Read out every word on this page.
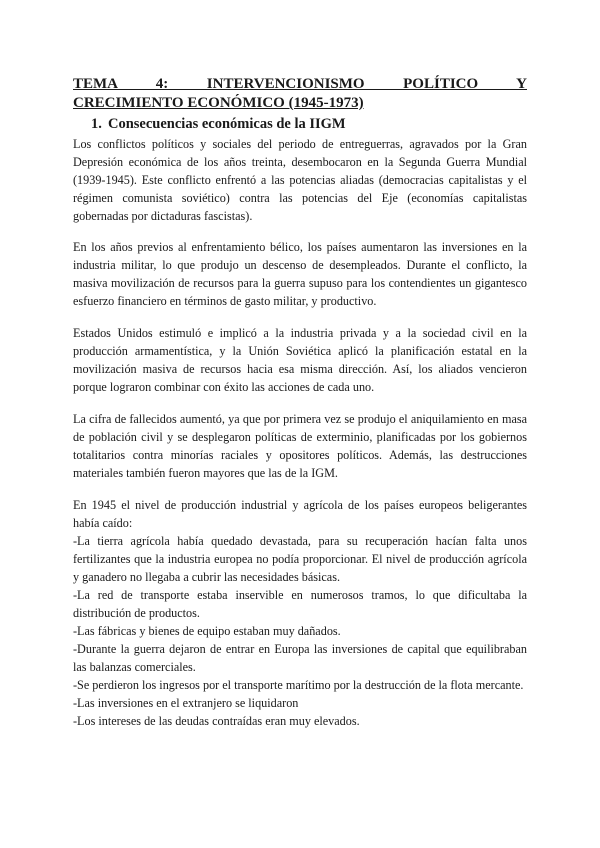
TEMA 4: INTERVENCIONISMO POLÍTICO Y

CRECIMIENTO ECONÓMICO (1945-1973)

1. Consecuencias económicas de la IIGM

Los conflictos políticos y sociales del periodo de entreguerras, agravados por la Gran Depresión económica de los años treinta, desembocaron en la Segunda Guerra Mundial (1939-1945). Este conflicto enfrentó a las potencias aliadas (democracias capitalistas y el régimen comunista soviético) contra las potencias del Eje (economías capitalistas gobernadas por dictaduras fascistas).

En los años previos al enfrentamiento bélico, los países aumentaron las inversiones en la industria militar, lo que produjo un descenso de desempleados. Durante el conflicto, la masiva movilización de recursos para la guerra supuso para los contendientes un gigantesco esfuerzo financiero en términos de gasto militar, y productivo.

Estados Unidos estimuló e implicó a la industria privada y a la sociedad civil en la producción armamentística, y la Unión Soviética aplicó la planificación estatal en la movilización masiva de recursos hacia esa misma dirección. Así, los aliados vencieron porque lograron combinar con éxito las acciones de cada uno.

La cifra de fallecidos aumentó, ya que por primera vez se produjo el aniquilamiento en masa de población civil y se desplegaron políticas de exterminio, planificadas por los gobiernos totalitarios contra minorías raciales y opositores políticos. Además, las destrucciones materiales también fueron mayores que las de la IGM.

En 1945 el nivel de producción industrial y agrícola de los países europeos beligerantes había caído:

-La tierra agrícola había quedado devastada, para su recuperación hacían falta unos fertilizantes que la industria europea no podía proporcionar. El nivel de producción agrícola y ganadero no llegaba a cubrir las necesidades básicas.
-La red de transporte estaba inservible en numerosos tramos, lo que dificultaba la distribución de productos.
-Las fábricas y bienes de equipo estaban muy dañados.
-Durante la guerra dejaron de entrar en Europa las inversiones de capital que equilibraban las balanzas comerciales.
-Se perdieron los ingresos por el transporte marítimo por la destrucción de la flota mercante.
-Las inversiones en el extranjero se liquidaron
-Los intereses de las deudas contraídas eran muy elevados.
